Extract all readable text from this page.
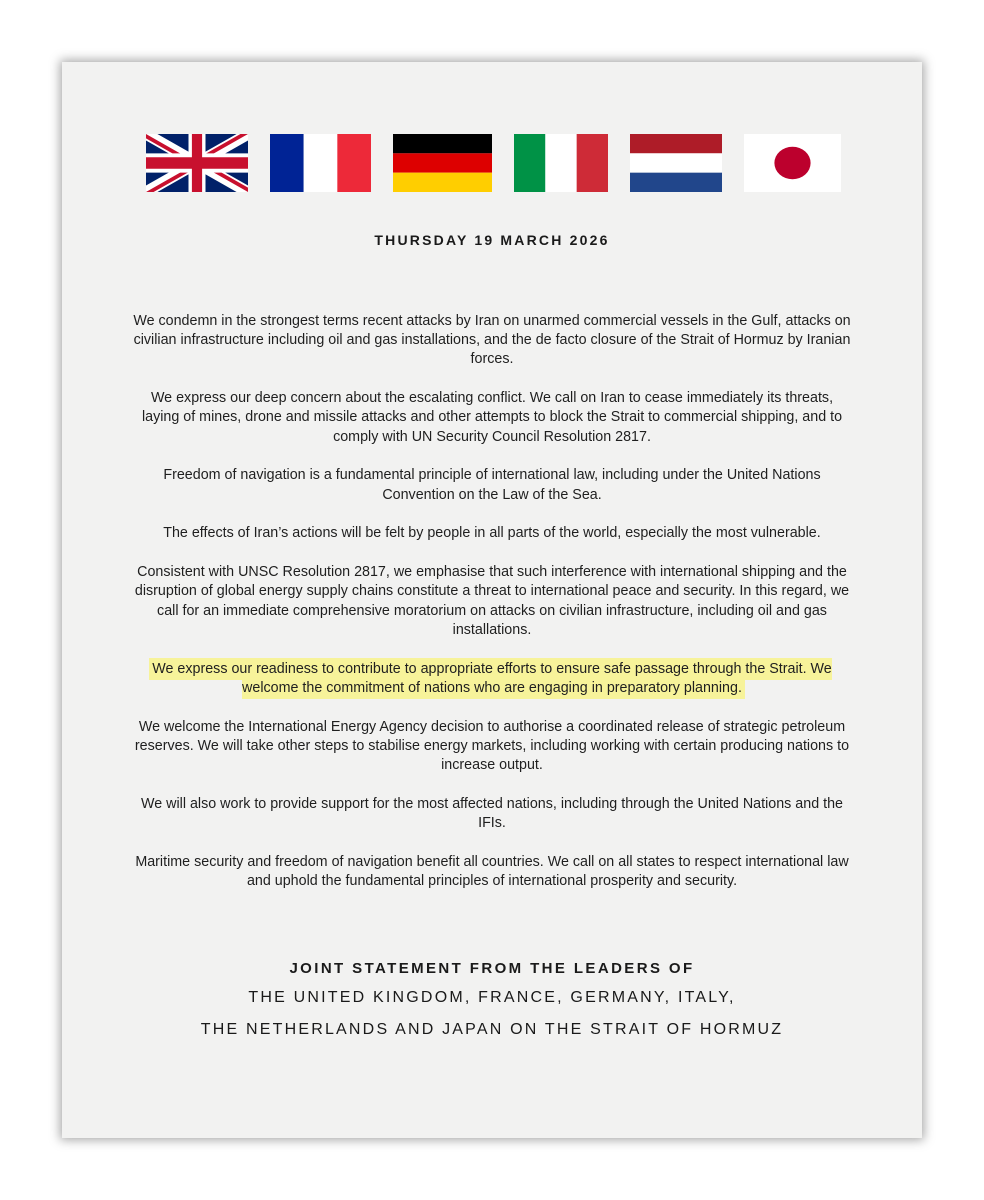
THURSDAY 19 MARCH 2026

We condemn in the strongest terms recent attacks by Iran on unarmed commercial vessels in the Gulf, attacks on civilian infrastructure including oil and gas installations, and the de facto closure of the Strait of Hormuz by Iranian forces.

We express our deep concern about the escalating conflict. We call on Iran to cease immediately its threats, laying of mines, drone and missile attacks and other attempts to block the Strait to commercial shipping, and to comply with UN Security Council Resolution 2817.

Freedom of navigation is a fundamental principle of international law, including under the United Nations Convention on the Law of the Sea.

The effects of Iran’s actions will be felt by people in all parts of the world, especially the most vulnerable.

Consistent with UNSC Resolution 2817, we emphasise that such interference with international shipping and the disruption of global energy supply chains constitute a threat to international peace and security. In this regard, we call for an immediate comprehensive moratorium on attacks on civilian infrastructure, including oil and gas installations.

We express our readiness to contribute to appropriate efforts to ensure safe passage through the Strait. We welcome the commitment of nations who are engaging in preparatory planning.

We welcome the International Energy Agency decision to authorise a coordinated release of strategic petroleum reserves. We will take other steps to stabilise energy markets, including working with certain producing nations to increase output.

We will also work to provide support for the most affected nations, including through the United Nations and the IFIs.

Maritime security and freedom of navigation benefit all countries. We call on all states to respect international law and uphold the fundamental principles of international prosperity and security.

JOINT STATEMENT FROM THE LEADERS OF
THE UNITED KINGDOM, FRANCE, GERMANY, ITALY,
THE NETHERLANDS AND JAPAN ON THE STRAIT OF HORMUZ
